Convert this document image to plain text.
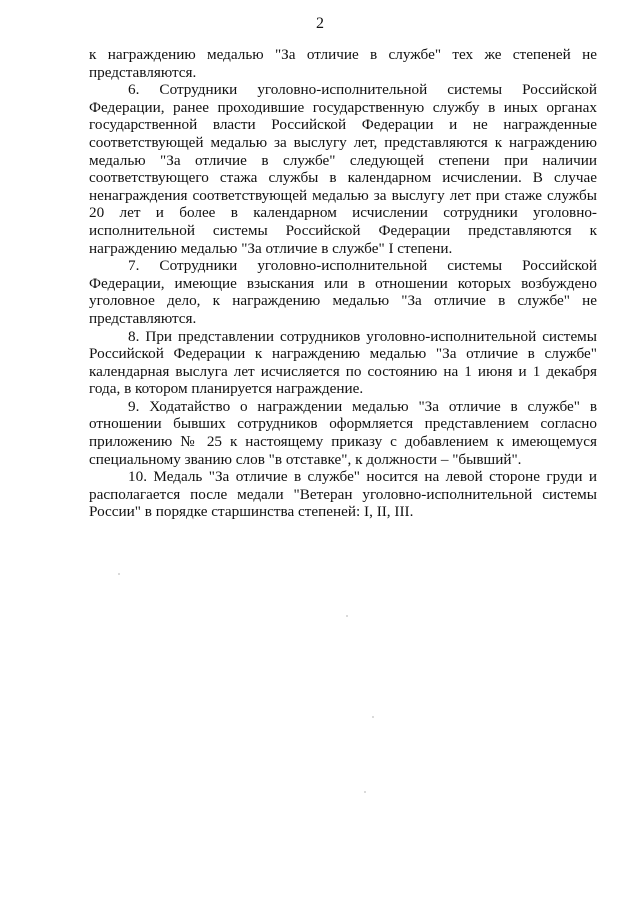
2

к награждению медалью "За отличие в службе" тех же степеней не представляются.

6. Сотрудники уголовно-исполнительной системы Российской Федерации, ранее проходившие государственную службу в иных органах государственной власти Российской Федерации и не награжденные соответствующей медалью за выслугу лет, представляются к награждению медалью "За отличие в службе" следующей степени при наличии соответствующего стажа службы в календарном исчислении. В случае ненаграждения соответствующей медалью за выслугу лет при стаже службы 20 лет и более в календарном исчислении сотрудники уголовно-исполнительной системы Российской Федерации представляются к награждению медалью "За отличие в службе" I степени.

7. Сотрудники уголовно-исполнительной системы Российской Федерации, имеющие взыскания или в отношении которых возбуждено уголовное дело, к награждению медалью "За отличие в службе" не представляются.

8. При представлении сотрудников уголовно-исполнительной системы Российской Федерации к награждению медалью "За отличие в службе" календарная выслуга лет исчисляется по состоянию на 1 июня и 1 декабря года, в котором планируется награждение.

9. Ходатайство о награждении медалью "За отличие в службе" в отношении бывших сотрудников оформляется представлением согласно приложению № 25 к настоящему приказу с добавлением к имеющемуся специальному званию слов "в отставке", к должности – "бывший".

10. Медаль "За отличие в службе" носится на левой стороне груди и располагается после медали "Ветеран уголовно-исполнительной системы России" в порядке старшинства степеней: I, II, III.
